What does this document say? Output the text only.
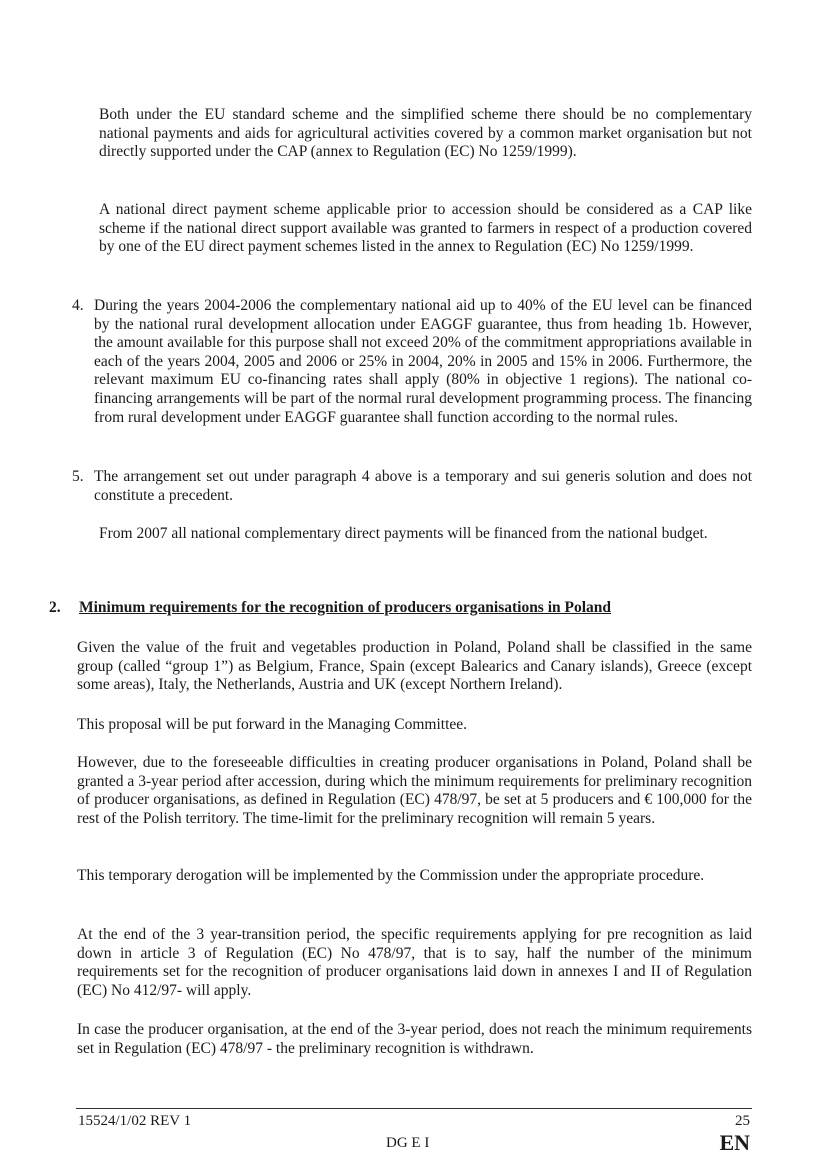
Both under the EU standard scheme and the simplified scheme there should be no complementary national payments and aids for agricultural activities covered by a common market organisation but not directly supported under the CAP (annex to Regulation (EC) No 1259/1999).

A national direct payment scheme applicable prior to accession should be considered as a CAP like scheme if the national direct support available was granted to farmers in respect of a production covered by one of the EU direct payment schemes listed in the annex to Regulation (EC) No 1259/1999.

4. During the years 2004-2006 the complementary national aid up to 40% of the EU level can be financed by the national rural development allocation under EAGGF guarantee, thus from heading 1b. However, the amount available for this purpose shall not exceed 20% of the commitment appropriations available in each of the years 2004, 2005 and 2006 or 25% in 2004, 20% in 2005 and 15% in 2006. Furthermore, the relevant maximum EU co-financing rates shall apply (80% in objective 1 regions). The national co-financing arrangements will be part of the normal rural development programming process. The financing from rural development under EAGGF guarantee shall function according to the normal rules.

5. The arrangement set out under paragraph 4 above is a temporary and sui generis solution and does not constitute a precedent.

From 2007 all national complementary direct payments will be financed from the national budget.

2. Minimum requirements for the recognition of producers organisations in Poland

Given the value of the fruit and vegetables production in Poland, Poland shall be classified in the same group (called “group 1”) as Belgium, France, Spain (except Balearics and Canary islands), Greece (except some areas), Italy, the Netherlands, Austria and UK (except Northern Ireland).

This proposal will be put forward in the Managing Committee.

However, due to the foreseeable difficulties in creating producer organisations in Poland, Poland shall be granted a 3-year period after accession, during which the minimum requirements for preliminary recognition of producer organisations, as defined in Regulation (EC) 478/97, be set at 5 producers and € 100,000 for the rest of the Polish territory. The time-limit for the preliminary recognition will remain 5 years.

This temporary derogation will be implemented by the Commission under the appropriate procedure.

At the end of the 3 year-transition period, the specific requirements applying for pre recognition as laid down in article 3 of Regulation (EC) No 478/97, that is to say, half the number of the minimum requirements set for the recognition of producer organisations laid down in annexes I and II of Regulation (EC) No 412/97- will apply.

In case the producer organisation, at the end of the 3-year period, does not reach the minimum requirements set in Regulation (EC) 478/97 - the preliminary recognition is withdrawn.

15524/1/02 REV 1	25
DG E I	EN
